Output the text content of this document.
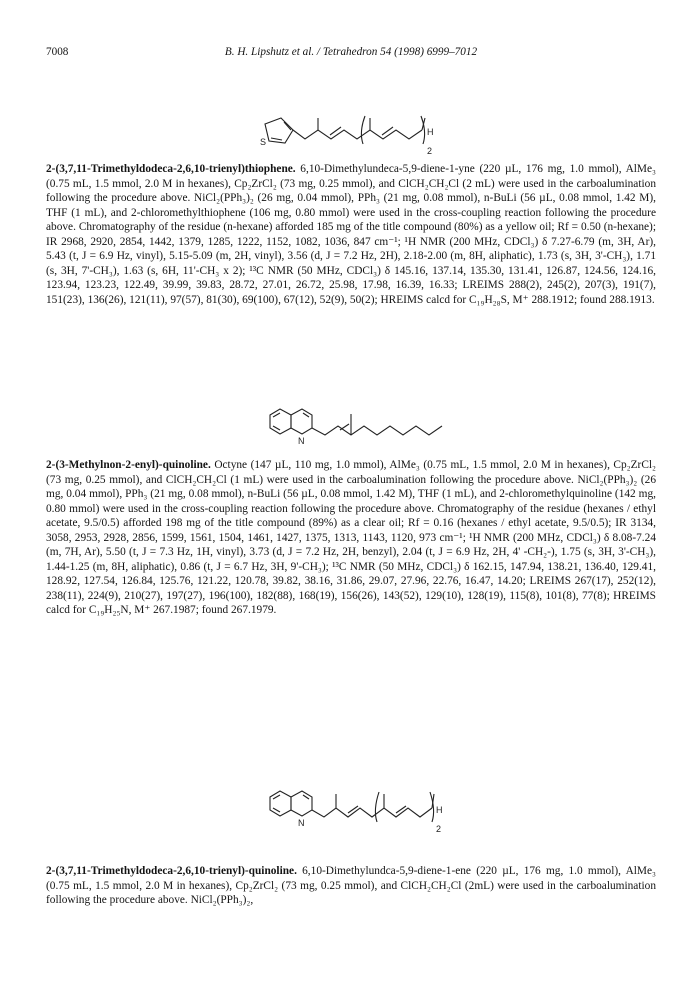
7008	B. H. Lipshutz et al. / Tetrahedron 54 (1998) 6999–7012
S
H
2

2-(3,7,11-Trimethyldodeca-2,6,10-trienyl)thiophene. 6,10-Dimethylundeca-5,9-diene-1-yne (220 µL, 176 mg, 1.0 mmol), AlMe₃ (0.75 mL, 1.5 mmol, 2.0 M in hexanes), Cp₂ZrCl₂ (73 mg, 0.25 mmol), and ClCH₂CH₂Cl (2 mL) were used in the carboalumination following the procedure above. NiCl₂(PPh₃)₂ (26 mg, 0.04 mmol), PPh₃ (21 mg, 0.08 mmol), n-BuLi (56 µL, 0.08 mmol, 1.42 M), THF (1 mL), and 2-chloromethylthiophene (106 mg, 0.80 mmol) were used in the cross-coupling reaction following the procedure above. Chromatography of the residue (n-hexane) afforded 185 mg of the title compound (80%) as a yellow oil; Rf = 0.50 (n-hexane); IR 2968, 2920, 2854, 1442, 1379, 1285, 1222, 1152, 1082, 1036, 847 cm⁻¹; ¹H NMR (200 MHz, CDCl₃) δ 7.27-6.79 (m, 3H, Ar), 5.43 (t, J = 6.9 Hz, vinyl), 5.15-5.09 (m, 2H, vinyl), 3.56 (d, J = 7.2 Hz, 2H), 2.18-2.00 (m, 8H, aliphatic), 1.73 (s, 3H, 3'-CH₃), 1.71 (s, 3H, 7'-CH₃), 1.63 (s, 6H, 11'-CH₃ x 2); ¹³C NMR (50 MHz, CDCl₃) δ 145.16, 137.14, 135.30, 131.41, 126.87, 124.56, 124.16, 123.94, 123.23, 122.49, 39.99, 39.83, 28.72, 27.01, 26.72, 25.98, 17.98, 16.39, 16.33; LREIMS 288(2), 245(2), 207(3), 191(7), 151(23), 136(26), 121(11), 97(57), 81(30), 69(100), 67(12), 52(9), 50(2); HREIMS calcd for C₁₉H₂₈S, M⁺ 288.1912; found 288.1913.

N

2-(3-Methylnon-2-enyl)-quinoline. Octyne (147 µL, 110 mg, 1.0 mmol), AlMe₃ (0.75 mL, 1.5 mmol, 2.0 M in hexanes), Cp₂ZrCl₂ (73 mg, 0.25 mmol), and ClCH₂CH₂Cl (1 mL) were used in the carboalumination following the procedure above. NiCl₂(PPh₃)₂ (26 mg, 0.04 mmol), PPh₃ (21 mg, 0.08 mmol), n-BuLi (56 µL, 0.08 mmol, 1.42 M), THF (1 mL), and 2-chloromethylquinoline (142 mg, 0.80 mmol) were used in the cross-coupling reaction following the procedure above. Chromatography of the residue (hexanes / ethyl acetate, 9.5/0.5) afforded 198 mg of the title compound (89%) as a clear oil; Rf = 0.16 (hexanes / ethyl acetate, 9.5/0.5); IR 3134, 3058, 2953, 2928, 2856, 1599, 1561, 1504, 1461, 1427, 1375, 1313, 1143, 1120, 973 cm⁻¹; ¹H NMR (200 MHz, CDCl₃) δ 8.08-7.24 (m, 7H, Ar), 5.50 (t, J = 7.3 Hz, 1H, vinyl), 3.73 (d, J = 7.2 Hz, 2H, benzyl), 2.04 (t, J = 6.9 Hz, 2H, 4' -CH₂-), 1.75 (s, 3H, 3'-CH₃), 1.44-1.25 (m, 8H, aliphatic), 0.86 (t, J = 6.7 Hz, 3H, 9'-CH₃); ¹³C NMR (50 MHz, CDCl₃) δ 162.15, 147.94, 138.21, 136.40, 129.41, 128.92, 127.54, 126.84, 125.76, 121.22, 120.78, 39.82, 38.16, 31.86, 29.07, 27.96, 22.76, 16.47, 14.20; LREIMS 267(17), 252(12), 238(11), 224(9), 210(27), 197(27), 196(100), 182(88), 168(19), 156(26), 143(52), 129(10), 128(19), 115(8), 101(8), 77(8); HREIMS calcd for C₁₉H₂₅N, M⁺ 267.1987; found 267.1979.

N
H
2

2-(3,7,11-Trimethyldodeca-2,6,10-trienyl)-quinoline. 6,10-Dimethylundca-5,9-diene-1-ene (220 µL, 176 mg, 1.0 mmol), AlMe₃ (0.75 mL, 1.5 mmol, 2.0 M in hexanes), Cp₂ZrCl₂ (73 mg, 0.25 mmol), and ClCH₂CH₂Cl (2mL) were used in the carboalumination following the procedure above. NiCl₂(PPh₃)₂,
